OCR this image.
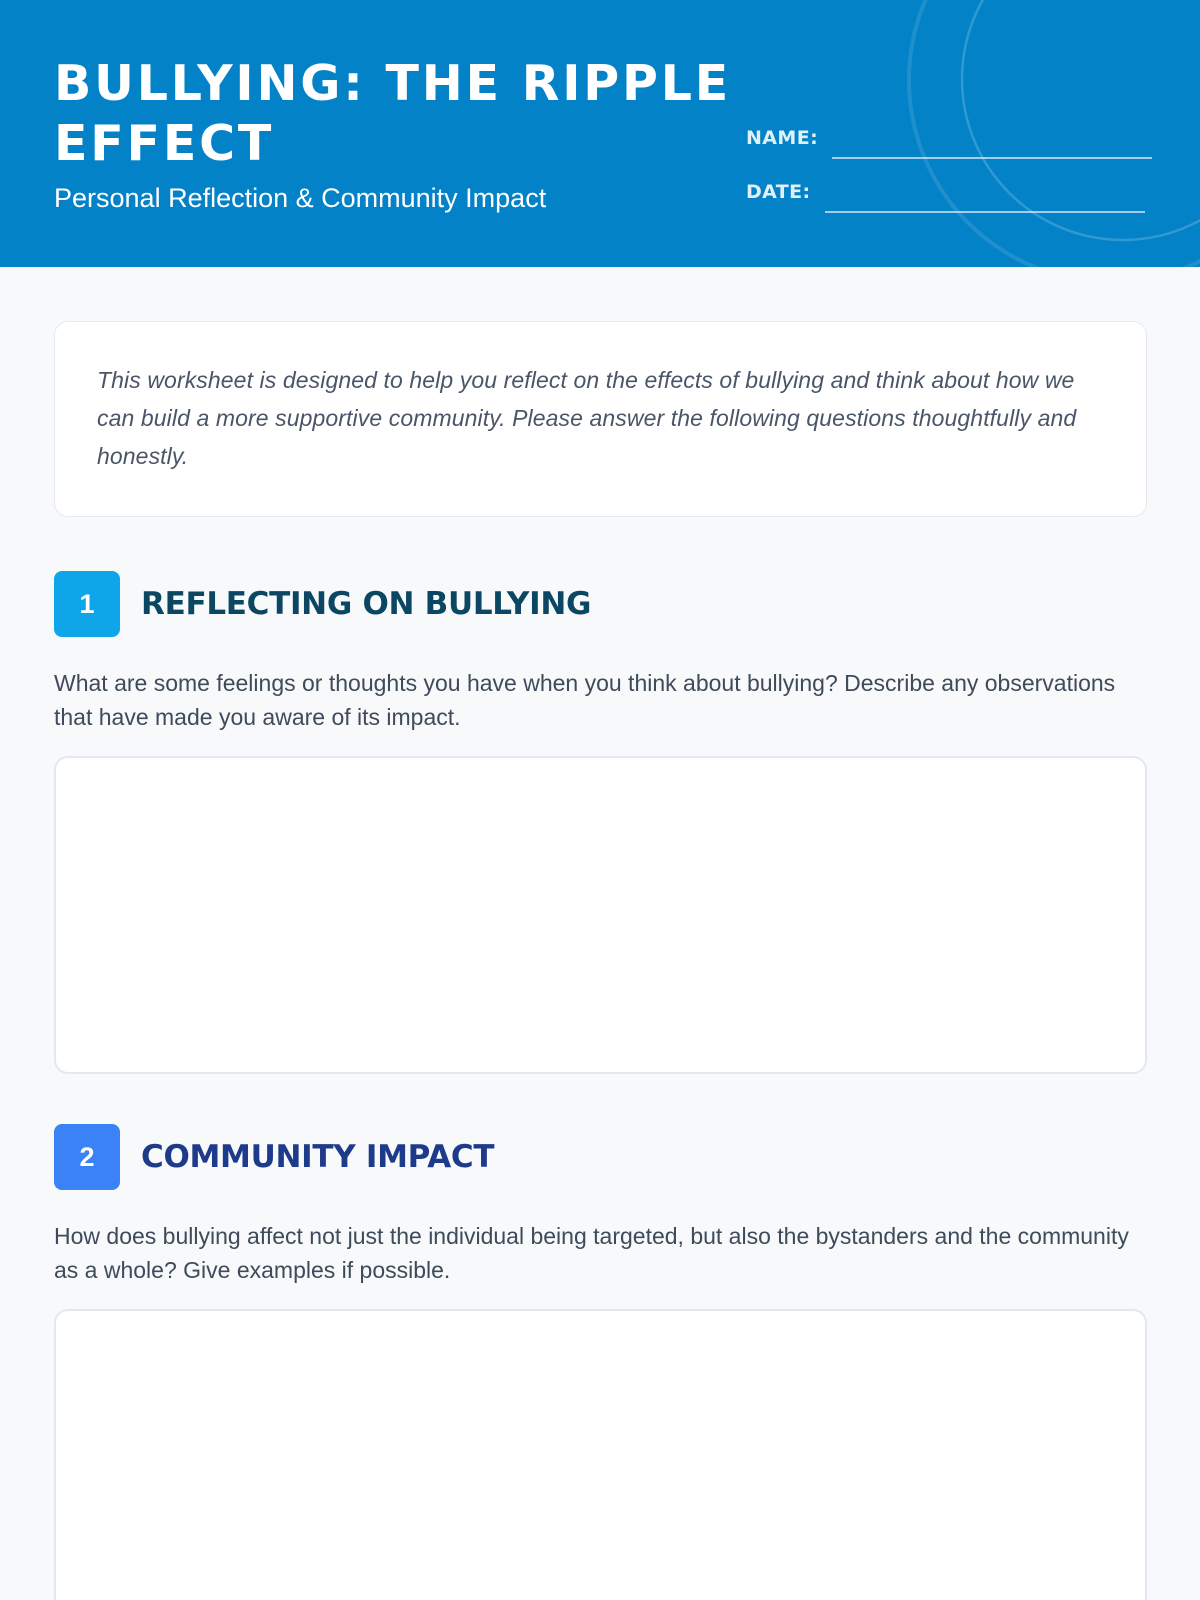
BULLYING: THE RIPPLE EFFECT
Personal Reflection & Community Impact
NAME:
DATE:

This worksheet is designed to help you reflect on the effects of bullying and think about how we can build a more supportive community. Please answer the following questions thoughtfully and honestly.

1	REFLECTING ON BULLYING

What are some feelings or thoughts you have when you think about bullying? Describe any observations that have made you aware of its impact.

2	COMMUNITY IMPACT

How does bullying affect not just the individual being targeted, but also the bystanders and the community as a whole? Give examples if possible.
